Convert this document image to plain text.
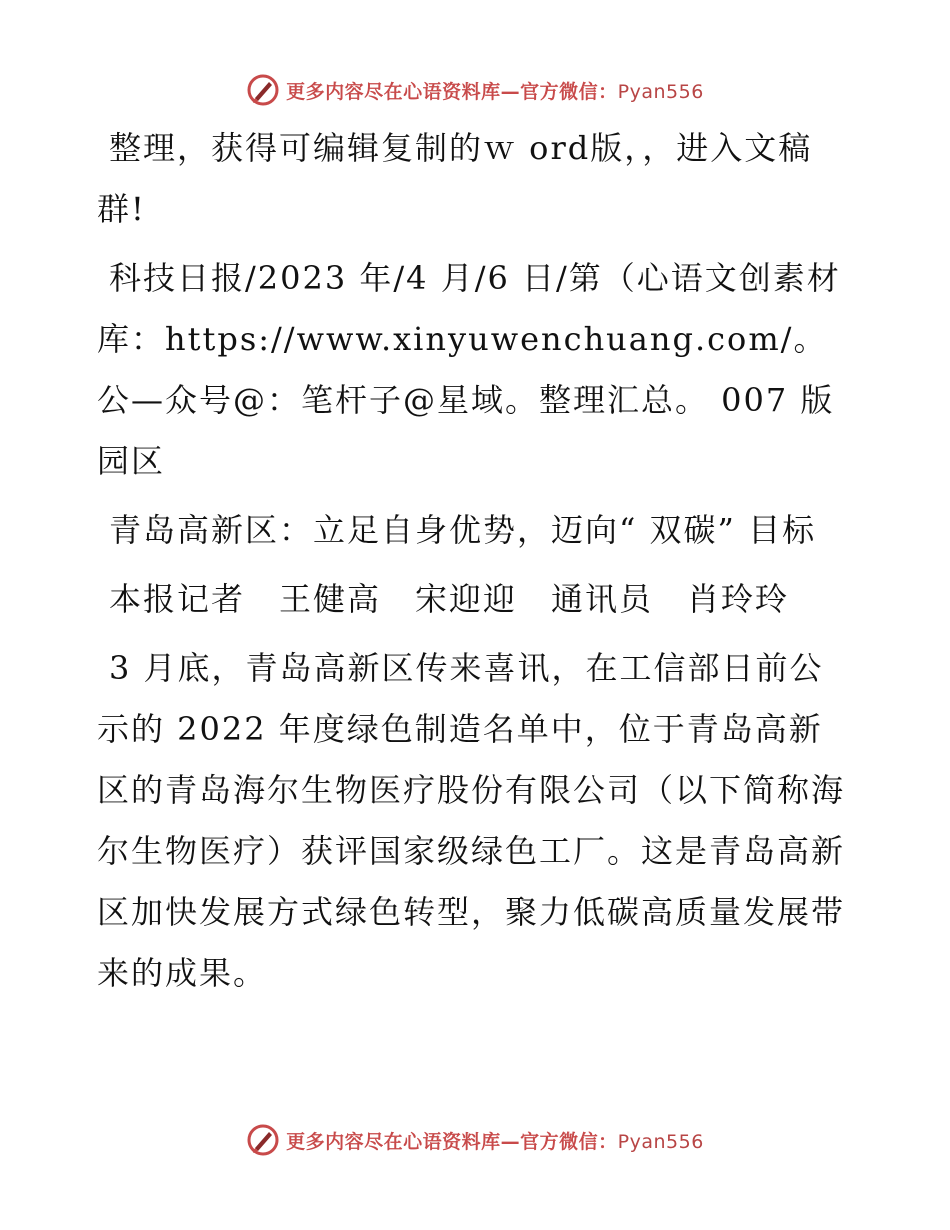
更多内容尽在心语资料库—官方微信：Pyan556

整理，获得可编辑复制的ｗ ord版，，进入文稿群!

科技日报/2023 年/4 月/6 日/第（心语文创素材库：https://www.xinyuwenchuang.com/。公—众号@：笔杆子@星域。整理汇总。 007 版园区

青岛高新区：立足自身优势，迈向“ 双碳” 目标

本报记者　王健高　宋迎迎　通讯员　肖玲玲

3 月底，青岛高新区传来喜讯，在工信部日前公示的 2022 年度绿色制造名单中，位于青岛高新区的青岛海尔生物医疗股份有限公司（以下简称海尔生物医疗）获评国家级绿色工厂。这是青岛高新区加快发展方式绿色转型，聚力低碳高质量发展带来的成果。

更多内容尽在心语资料库—官方微信：Pyan556
